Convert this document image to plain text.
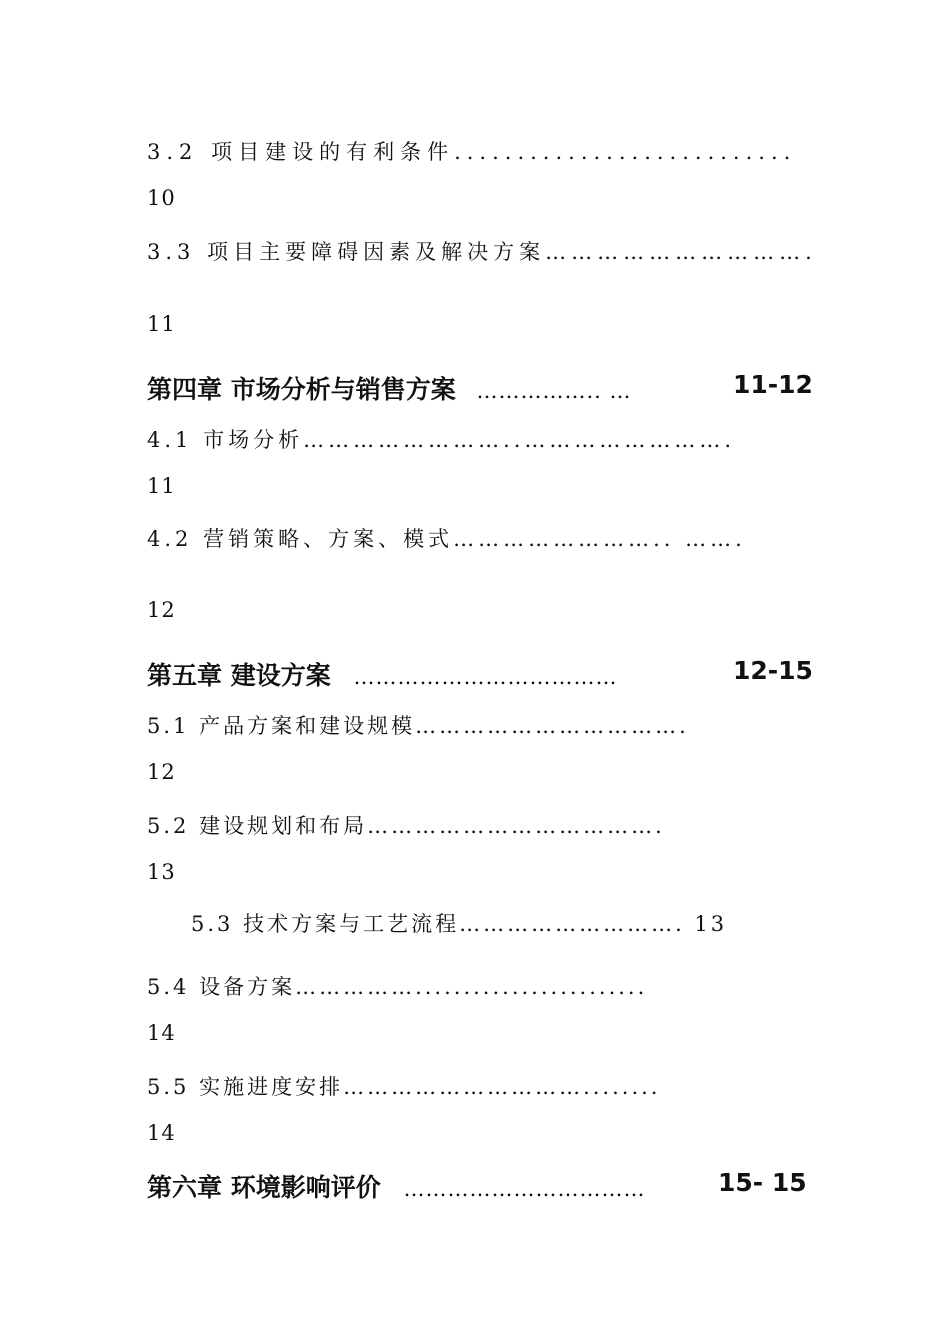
3.2 项目建设的有利条件...........................
10
3.3 项目主要障碍因素及解决方案………………………….
11
第四章 市场分析与销售方案 …………….. …	11-12
4.1 市场分析……………………..…………………….
11
4.2 营销策略、方案、模式…………………….. …….
12
第五章 建设方案 ………………………………	12-15
5.1 产品方案和建设规模…………………………….
12
5.2 建设规划和布局……………………………….
13
5.3 技术方案与工艺流程………………………. 13
5.4 设备方案……………........................
14
5.5 实施进度安排…………………………........
14
第六章 环境影响评价 ……………………………	15- 15
